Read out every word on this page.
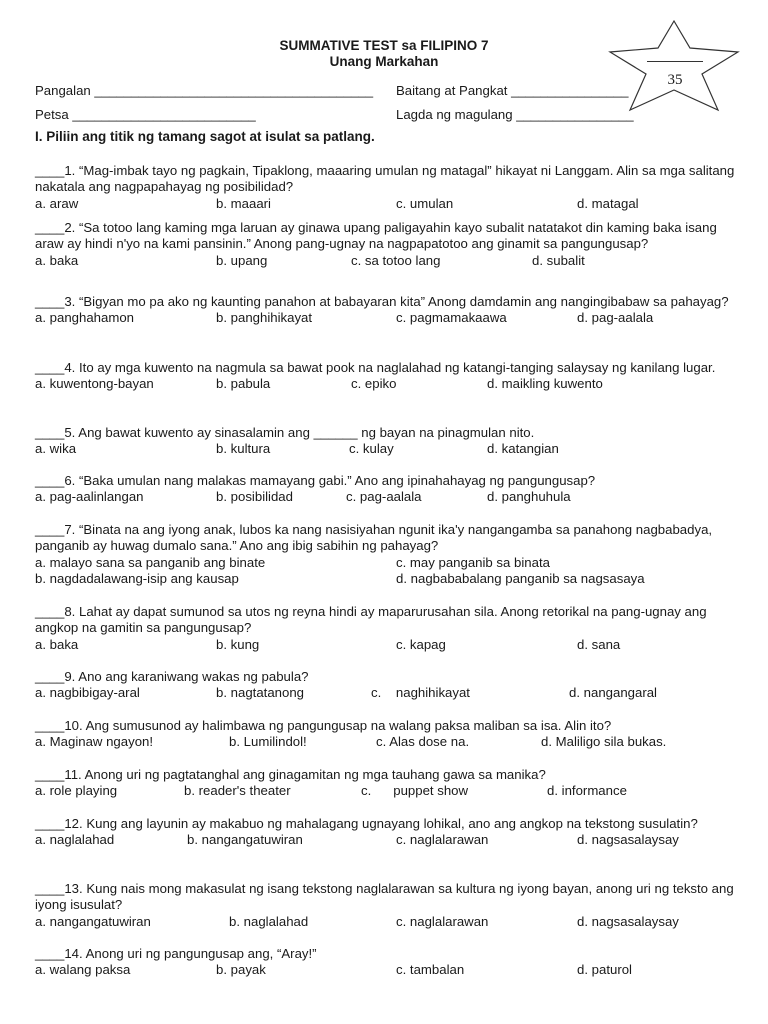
SUMMATIVE TEST sa FILIPINO 7
Unang Markahan
35
Pangalan ______________________________________ Baitang at Pangkat ________________
Petsa _________________________	Lagda ng magulang ________________
I. Piliin ang titik ng tamang sagot at isulat sa patlang.
____1. “Mag-imbak tayo ng pagkain, Tipaklong, maaaring umulan ng matagal” hikayat ni Langgam. Alin sa mga salitang nakatala ang nagpapahayag ng posibilidad?
a. araw	b. maaari	c. umulan	d. matagal
____2. “Sa totoo lang kaming mga laruan ay ginawa upang paligayahin kayo subalit natatakot din kaming baka isang araw ay hindi n'yo na kami pansinin.” Anong pang-ugnay na nagpapatotoo ang ginamit sa pangungusap?
a. baka	b. upang	c. sa totoo lang	d. subalit
____3. “Bigyan mo pa ako ng kaunting panahon at babayaran kita” Anong damdamin ang nangingibabaw sa pahayag?
a. panghahamon	b. panghihikayat	c. pagmamakaawa	d. pag-aalala
____4. Ito ay mga kuwento na nagmula sa bawat pook na naglalahad ng katangi-tanging salaysay ng kanilang lugar.
a. kuwentong-bayan	b. pabula	c. epiko	d. maikling kuwento
____5. Ang bawat kuwento ay sinasalamin ang ______ ng bayan na pinagmulan nito.
a. wika	b. kultura	c. kulay	d. katangian
____6. “Baka umulan nang malakas mamayang gabi.” Ano ang ipinahahayag ng pangungusap?
a. pag-aalinlangan	b. posibilidad	c. pag-aalala	d. panghuhula
____7. “Binata na ang iyong anak, lubos ka nang nasisiyahan ngunit ika'y nangangamba sa panahong nagbabadya, panganib ay huwag dumalo sana.” Ano ang ibig sabihin ng pahayag?
a. malayo sana sa panganib ang binate	c. may panganib sa binata
b. nagdadalawang-isip ang kausap	d. nagbababalang panganib sa nagsasaya
____8. Lahat ay dapat sumunod sa utos ng reyna hindi ay maparurusahan sila. Anong retorikal na pang-ugnay ang angkop na gamitin sa pangungusap?
a. baka	b. kung	c. kapag	d. sana
____9. Ano ang karaniwang wakas ng pabula?
a. nagbibigay-aral	b. nagtatanong	c.    naghihikayat	d. nangangaral
____10. Ang sumusunod ay halimbawa ng pangungusap na walang paksa maliban sa isa. Alin ito?
a. Maginaw ngayon!	b. Lumilindol!	c. Alas dose na.	d. Maliligo sila bukas.
____11. Anong uri ng pagtatanghal ang ginagamitan ng mga tauhang gawa sa manika?
a. role playing	b. reader's theater	c.      puppet show	d. informance
____12. Kung ang layunin ay makabuo ng mahalagang ugnayang lohikal, ano ang angkop na tekstong susulatin?
a. naglalahad	b. nangangatuwiran	c. naglalarawan	d. nagsasalaysay
____13. Kung nais mong makasulat ng isang tekstong naglalarawan sa kultura ng iyong bayan, anong uri ng teksto ang iyong isusulat?
a. nangangatuwiran	b. naglalahad	c. naglalarawan	d. nagsasalaysay
____14. Anong uri ng pangungusap ang, “Aray!”
a. walang paksa	b. payak	c. tambalan	d. paturol
